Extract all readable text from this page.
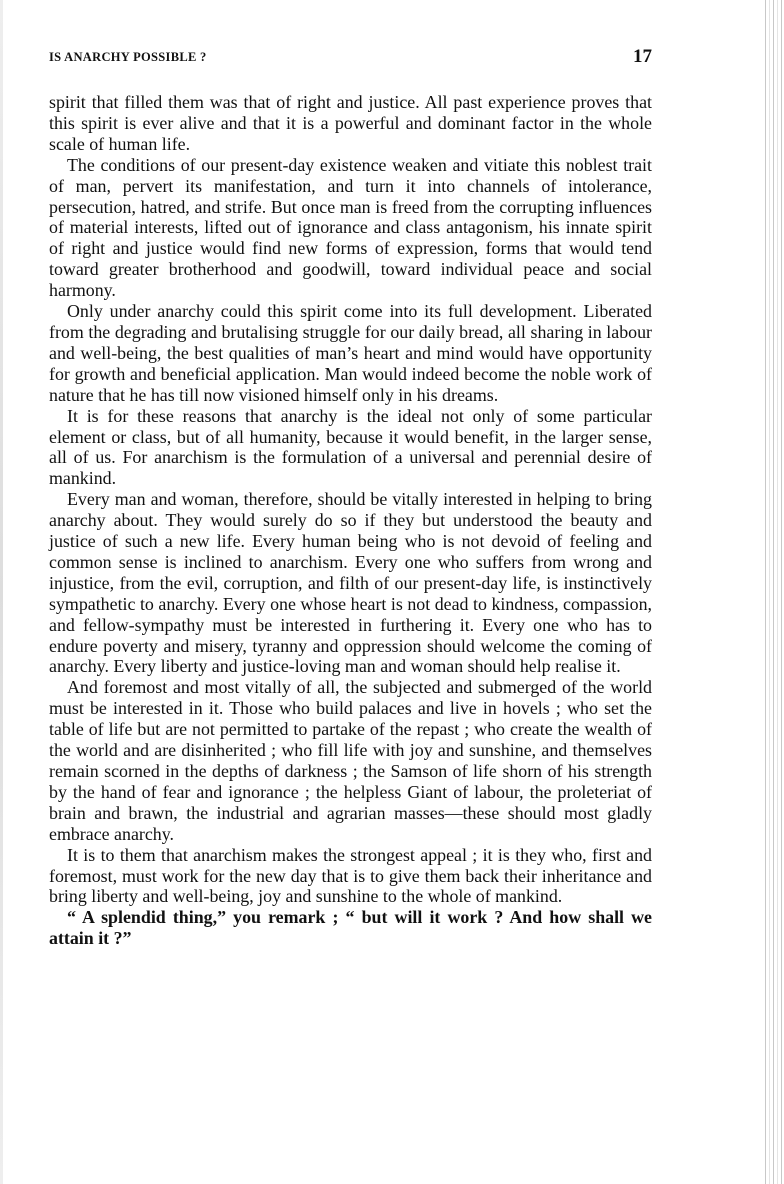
IS ANARCHY POSSIBLE ?	17

spirit that filled them was that of right and justice. All past experience proves that this spirit is ever alive and that it is a powerful and dominant factor in the whole scale of human life.

The conditions of our present-day existence weaken and vitiate this noblest trait of man, pervert its manifestation, and turn it into channels of intolerance, persecution, hatred, and strife. But once man is freed from the corrupting influences of material interests, lifted out of ignorance and class antagonism, his innate spirit of right and justice would find new forms of expression, forms that would tend toward greater brotherhood and goodwill, toward individual peace and social harmony.

Only under anarchy could this spirit come into its full development. Liberated from the degrading and brutalising struggle for our daily bread, all sharing in labour and well-being, the best qualities of man’s heart and mind would have opportunity for growth and beneficial application. Man would indeed become the noble work of nature that he has till now visioned himself only in his dreams.

It is for these reasons that anarchy is the ideal not only of some particular element or class, but of all humanity, because it would benefit, in the larger sense, all of us. For anarchism is the formulation of a universal and perennial desire of mankind.

Every man and woman, therefore, should be vitally interested in helping to bring anarchy about. They would surely do so if they but understood the beauty and justice of such a new life. Every human being who is not devoid of feeling and common sense is inclined to anarchism. Every one who suffers from wrong and injustice, from the evil, corruption, and filth of our present-day life, is instinctively sympathetic to anarchy. Every one whose heart is not dead to kindness, compassion, and fellow-sympathy must be interested in furthering it. Every one who has to endure poverty and misery, tyranny and oppression should welcome the coming of anarchy. Every liberty and justice-loving man and woman should help realise it.

And foremost and most vitally of all, the subjected and submerged of the world must be interested in it. Those who build palaces and live in hovels ; who set the table of life but are not permitted to partake of the repast ; who create the wealth of the world and are disinherited ; who fill life with joy and sunshine, and themselves remain scorned in the depths of darkness ; the Samson of life shorn of his strength by the hand of fear and ignorance ; the helpless Giant of labour, the proleteriat of brain and brawn, the industrial and agrarian masses—these should most gladly embrace anarchy.

It is to them that anarchism makes the strongest appeal ; it is they who, first and foremost, must work for the new day that is to give them back their inheritance and bring liberty and well-being, joy and sunshine to the whole of mankind.

“ A splendid thing,” you remark ; “ but will it work ? And how shall we attain it ?”
